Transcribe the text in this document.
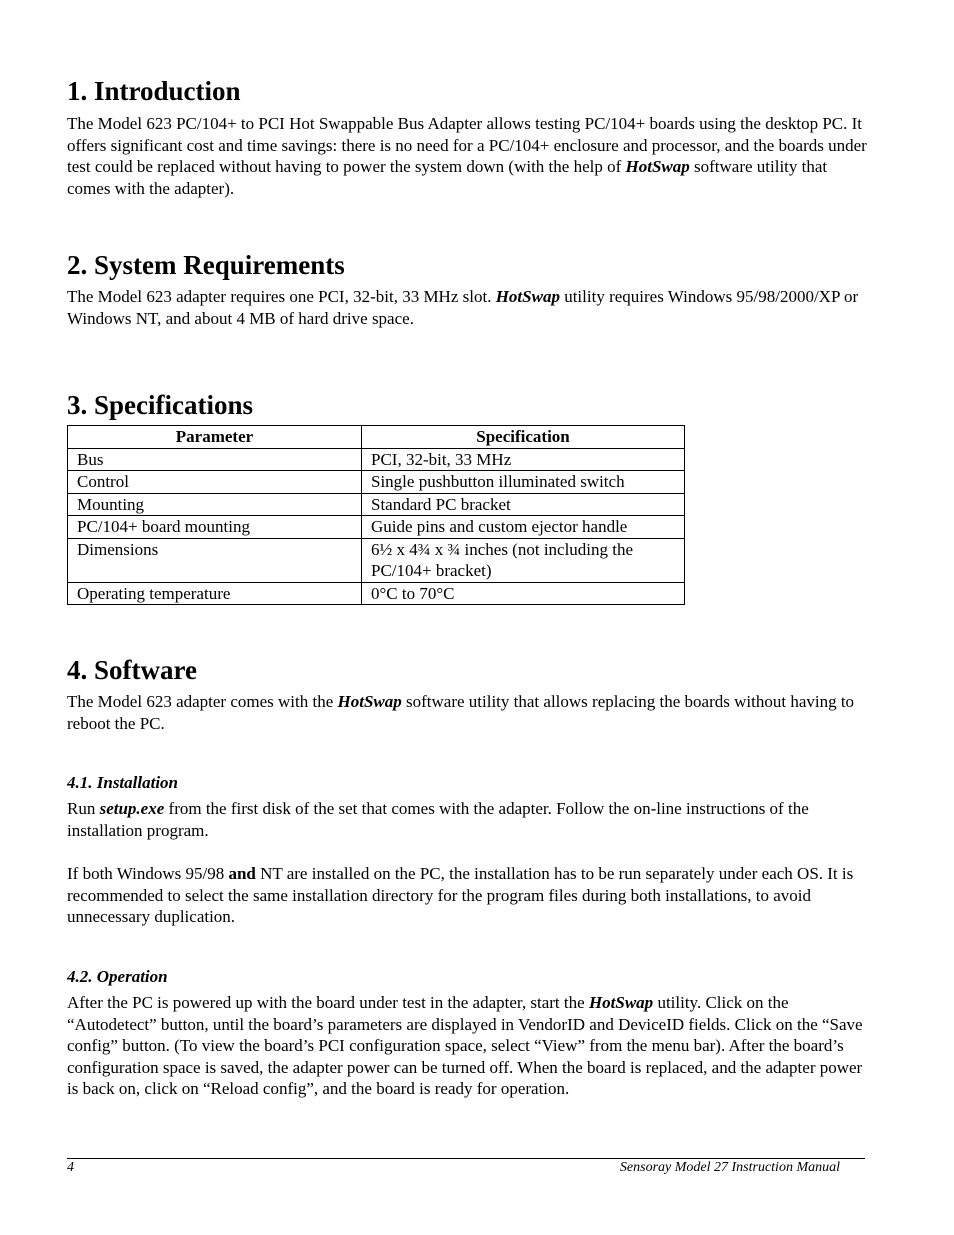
1. Introduction

The Model 623 PC/104+ to PCI Hot Swappable Bus Adapter allows testing PC/104+ boards using the desktop PC. It offers significant cost and time savings: there is no need for a PC/104+ enclosure and processor, and the boards under test could be replaced without having to power the system down (with the help of HotSwap software utility that comes with the adapter).

2. System Requirements

The Model 623 adapter requires one PCI, 32-bit, 33 MHz slot. HotSwap utility requires Windows 95/98/2000/XP or Windows NT, and about 4 MB of hard drive space.

3. Specifications
Parameter	Specification
Bus	PCI, 32-bit, 33 MHz
Control	Single pushbutton illuminated switch
Mounting	Standard PC bracket
PC/104+ board mounting	Guide pins and custom ejector handle
Dimensions	6½ x 4¾ x ¾ inches (not including the PC/104+ bracket)
Operating temperature	0°C to 70°C
4. Software

The Model 623 adapter comes with the HotSwap software utility that allows replacing the boards without having to reboot the PC.

4.1. Installation

Run setup.exe from the first disk of the set that comes with the adapter. Follow the on-line instructions of the installation program.

If both Windows 95/98 and NT are installed on the PC, the installation has to be run separately under each OS. It is recommended to select the same installation directory for the program files during both installations, to avoid unnecessary duplication.

4.2. Operation

After the PC is powered up with the board under test in the adapter, start the HotSwap utility. Click on the “Autodetect” button, until the board’s parameters are displayed in VendorID and DeviceID fields. Click on the “Save config” button. (To view the board’s PCI configuration space, select “View” from the menu bar). After the board’s configuration space is saved, the adapter power can be turned off. When the board is replaced, and the adapter power is back on, click on “Reload config”, and the board is ready for operation.

4	Sensoray Model 27 Instruction Manual
